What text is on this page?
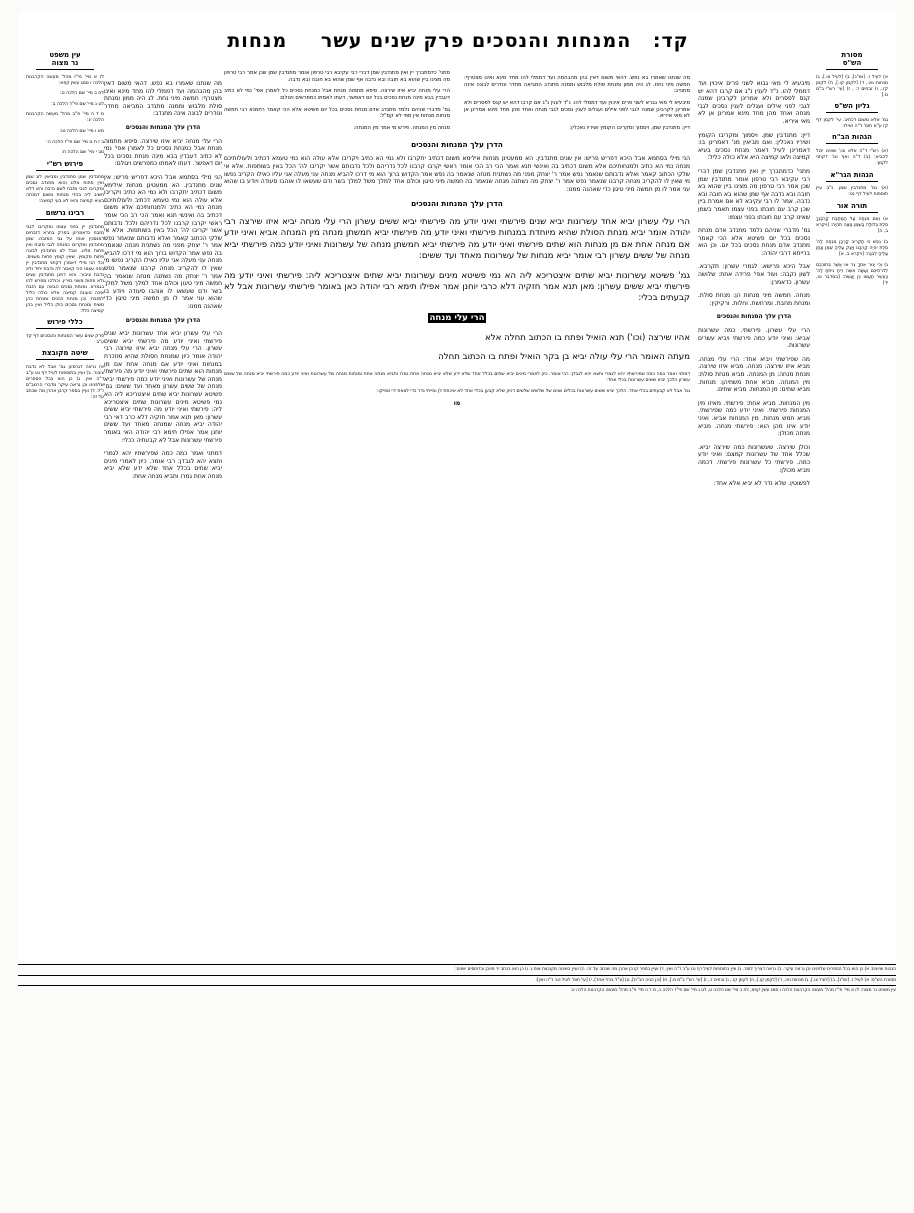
קד: המנחות והנסכים פרק שנים עשר מנחות
מסורת
הש"ס

א) לעיל ז. [וש"נ], ב) [לעיל צו.], ג) מנחות נא:, ד) [לקמן קו.], ה) לקמן קז., ו) זבחים ז: , ז) [עי' רש"י ב"מ מ.]

גליון הש"ס

גמ' אלא משום דכתיב. עי' לקמן דף קז ע"א תוס' ד"ה ואילו:

הגהות הב"ח

(א) רש"י ד"ה אלא וכו' שאינו יכול להביא: (ב) ד"ה ואף וכו' דקתני לקמן:

הגהות הגר"א

(א) גמ' מתנדבין שמן. נ"ב עיין תוספות לעיל דף נט:

תורה אור

א) וְאִם מִנְחָה עַל הַמַּחֲבַת קָרְבָּנֶךָ סֹלֶת בְּלוּלָה בַשֶּׁמֶן מַצָּה תִהְיֶה: [ויקרא ב, ה]

ב) נֶפֶשׁ כִּי תַקְרִיב קָרְבַּן מִנְחָה לַה' סֹלֶת יִהְיֶה קָרְבָּנוֹ וְיָצַק עָלֶיהָ שֶׁמֶן וְנָתַן עָלֶיהָ לְבֹנָה: [ויקרא ב, א]

ג) וְכִי יָגוּר אִתְּךָ גֵּר אוֹ אֲשֶׁר בְּתוֹכְכֶם לְדֹרֹתֵיכֶם וְעָשָׂה אִשֵּׁה רֵיחַ נִיחֹחַ לַה' כַּאֲשֶׁר תַּעֲשׂוּ כֵּן יַעֲשֶׂה: [במדבר טו, יד]

עין משפט
נר מצוה

לז א מיי' פי"ז מהל' מעשה הקרבנות הלכה ו סמג עשין קפא:

לח ב מיי' שם הלכה ט:

לט ג מיי' שם פי"ד הלכה ב:

מ ד ה מיי' פ"ב מהל' מעשה הקרבנות הלכה יג:

מא ו מיי' שם הלכה טו:

ב ז ח ט מיי' שם פי"ז הלכה ה:

מב י מיי' שם הלכה ח:

פירוש רש"י

מתנדבין שמן מתנדבין ומביאין לוג שמן ואין פחות מלוג והוא מתנדב נסכים ומקריבו לגבי מזבח לשם נדבה והא דלא חשיב ליה בהדי מנחות משום דמנחה בעיא קמיצה והאי לא בעי קמיצה:

רבינו גרשום

מתנדבין יין בפני עצמו ומקריבו לגבי מזבח כדאמרינן בפרק בתרא דזבחים דמנסכין אותו על גבי המזבח. שמן מתנדבין ומקריבו כמנחה לגבי מזבח ואין פחות מלוג. אבל לא מתנדבין לבונה פחות מקומץ. שאין קומץ פחות משנים. וכל הני מילי דאמרן דקתני מתנדבין יין בפני עצמו הכי קאמר לה נדבת יחיד ולא נדבת ציבור. והא דתנן מתנדבין עצים ולא פחות משני גזירין. וכולהו מפרש להו בגמרא. ומנחת נסכים הבאה עם הזבח אינה טעונה קמיצה אלא כולה כליל למזבח. וכן מנחת כהנים ומנחת כהן משיח ומנחת נסכים כולן כליל ואין בהן קמיצה כלל:

כללי פירוש

פרק שנים עשר המנחות והנסכים דף קד ע"ב

שיטה מקובצת

א) נראה דגרסינן גמ' אבל לא נדבת ציבור. ב) ועיין בתוספות לעיל דף נט ע"ב ד"ה ואין. ג) כן הוא בכל הספרים שלפנינו וכן נראה עיקר מדברי הרמב"ם ז"ל. ד) ועיין בספר קרבן אהרן מה שכתב על זה:

מיבעיא לי מאי גבוא לשני פרים איכוין ועד דממלי להו. נ"ד לענין נ"ג אם קרבו דהא יש קנס לפסרים ולא אמרינן לקרבינן שמנה לגבי לפני אילים ועגלים לענין נסכים לגבי מנחה ואחד מהן מחד מינא אמרינן אן לא מאי איריא.

דיין: מתנדבין שמן. ויסמוך ומקריבו הקומץ ושיריו נאכלין: ואם מביאין מנ' דאמרינן בו: דאמרינן לעיל דאמר מנחת נסכים בעיא קמיצה ולאו קמיצה היא אלא כולה כליל:

מתני' כדמתברך יין ואין מתנדבין שמן דברי רבי עקיבא רבי טרפון אומר מתנדבין שמן שכן אמר רבי טרפון מה מצינו ביין שהוא בא חובה ובא נדבה אף שמן שהוא בא חובה ובא נדבה. אמר לו רבי עקיבא לא אם אמרת ביין שכן קרב עם חובתו בפני עצמו תאמר בשמן שאינו קרב עם חובתו בפני עצמו:

גמ' מדברי שניהם נלמד מתנדב אדם מנחת נסכים בכל יום פשיטא אלא הכי קאמר מתנדב אדם מנחת נסכים בכל יום. וכן הוא ברייתא דרבי יהודה:

אבל היכא פרישא. לגמרי עשרון: תקרבא. לשון נקבה: ועוד אפי' פרידה אחת: שלושה עשרון. כדאמרן:

מנחה. חמשה מיני מנחות הן: מנחת סולת. ומנחת מחבת. ומרחשת. וחלות. ורקיקין:

הדרן עלך המנחות והנסכים

הרי עלי עשרון. פירשתי. כמה עשרונות אביא: ואיני יודע כמה פירשתי ויביא עשרים עשרונות.

מה שפירשתי ויביא אחד: הרי עלי מנחה. מביא איזו שירצה: מנחה. מביא איזו שירצה. מנחת מנחה: מן המנחה. מביא מנחת סולת: מין המנחה. מביא אחת משתיהן: מנחות. מביא שתים: מן המנחות. מביא שתים.

מין המנחות. מביא אחת: פירשתי. מאיזו מין המנחות פירשתי. ואיני יודע כמה שפירשתי. מביא חמש מנחות. מין המנחות אביא. ואיני יודע איזו מהן הוא: פירשתי מנחה. מביא מנחה מכולן:

וכולן שירצה. שעשרונות כמה שירצה יביא. שכלל אחד של עשרונות קמצם: ואיני יודע כמה. פירשתי כל עשרונות פירשתי. דכמה מביא מכולן:

לפשוטין. שלא נדר לא יביא אלא אחד:

מה שנתנו שאמרו בא נפש. דהאי משום דאין בהן מהבהמה ועד דממלי להו מחד מינא ואינו מצטרף: חמשה מיני נחת. לג היה ממון ומנחת סולת מלבוש וממנה מתנדב המביאה מחדר ונודרים לבונה אינה מתנדב:

הדרן עלך המנחות והנסכים

הרי עלי מנחה יביא איזו שירצה. סיפא מתמוה מנחת אבל כמנחת נסכים כל לאמרן אפי' נמי לא כתיב דעבדין בבא מינה מנחת נסכים בכל יום דאפשר. דעתו לאמתו כמפרשים ויגולם:

הני מילי בסתמא אבל היכא דפריש פריש: אין שנים מתנדבין. הא ממעטינן מנחות אילימא משום דכתיב יתקרבו ולא נמי הא כתיב ויקריבו אלא עולה הוא נמי טעמא דכתיב ולעולותיכם מנחה נמי הא כתיב ולמנחותיכם אלא משום דכתיב בה ואינשי תנא ואמר הכי רב הכי אומר ראשי יקרבו קרבנו לכל נדריהם ולכל נדבותם אשר יקריבו לה' הכל באין בשותפות. אלא אי שלקי הכתוב קאמר ואלא נדבותם שנאמר נפש אמר ר' יצחק מפני מה נשתנית מנחה שנאמר בה נפש אמר הקדוש ברוך הוא מי דרכו להביא מנחה עני מעלה אני עליו כאילו הקריב נפשו מי שאין לו להקריב מנחה קרבנו שנאמר נפש אמר ר' יצחק מה נשתנה מנחה שנאמר בה חמשה מיני טיגון וכולם אחד למלך משל למלך בשר ודם שעשאו לו אוהבו סעודה ויודע בו שהוא עני אמר לו מן חמשה מיני טיגון כדי שאהנה ממנו:

הדרן עלך המנחות והנסכים

הרי עלי עשרון יביא אחד עשרונות יביא שנים פירשתי ואיני יודע מה פירשתי יביא ששים עשרון. הרי עלי מנחה יביא איזו שירצה רבי יהודה אומר כיון שמנחת חסולת שהיא מוזכרת במנחות ואיני יודע אם מנחה אחת אם מן מנחות הוא שתים פירשתי ואיני יודע מה פירשתי מנחה של עשרונות ואיני יודע כמה פירשתי יביא מנחה של ששים עשרון מאחד ועד ששים: גם' פשיטא עשרונות יביא שתים איצטריכא ליה הא נמי פשיטא מינים עשרונות שתים איצטריכא ליה: פירשתי ואיני יודע מה פירשתי יביא ששים עשרון: מאן תנא אמר חזקיה דלא כרב דאי רבי יהודה יביא מנחה שמנחה מאחד ועד ששים יוחנן אמר אפילו תימא רבי יהודה האי באומר פירשתי עשרונות אבל לא קבעתיה ככלי:

דמתני ואמר כמה כמה שפירשתיו יהא לגמרי ותצא יהא לגבדן: רבי אומר. כיון לאמרי מינים יביא שתים בכלל אחד שלא ידע שלא יביא מנחה אחת גמרו ותביא מנחה אחת:

מה שנתנו שאמרו בא נפש. דהאי משום דאין בהן מהבהמה ועד דממלי להו מחד מינא ואינו מצטרף: חמשה מיני נחת. לג היה ממון ומנחת סולת מלבוש וממנה מתנדב המביאה מחדר ונודרים לבונה אינה מתנדב:

מיבעיא לי מאי גברא לשני פרים איכוין ועד דממלי להו. נ"ד לענין נ"ג אם קרבו דהא יש קנס לפסרים ולא אמרינן לקרבינן שמנה לגבי לפני אילים ועגלים לענין נסכים לגבי מנחה ואחד מהן מחד מינא אמרינן אן לא מאי איריא.

דיין: מתנדבין שמן. ויסמוך ומקריבו הקומץ ושיריו נאכלין:

מתני' כדמתברך יין ואין מתנדבין שמן דברי רבי עקיבא רבי טרפון אומר מתנדבין שמן שכן אמר רבי טרפון מה מצינו ביין שהוא בא חובה ובא נדבה אף שמן שהוא בא חובה ובא נדבה.

הרי עלי מנחה יביא איזו שירצה. סיפא מתמוה מנחת אבל כמנחת נסכים כל לאמרן אפי' נמי לא כתיב דעבדין בבא מינה מנחת נסכים בכל יום דאפשר. דעתו לאמתו כמפרשים ויגולם:

גמ' מדברי שניהם נלמד מתנדב אדם מנחת נסכים בכל יום פשיטא אלא הכי קאמר רחמנא רבי חמשה מנחות מנחות אין מפי לא קמ"ל:

מנחה מין המנחה. פירש מי אמר מין המנחה:

הדרן עלך המנחות והנסכים

הני מילי בסתמא אבל היכא דפריש פריש: אין שנים מתנדבין. הא ממעטינן מנחות אילימא משום דכתיב יתקרבו ולא נמי הא כתיב ויקריבו אלא עולה הוא נמי טעמא דכתיב ולעולותיכם מנחה נמי הא כתיב ולמנחותיכם אלא משום דכתיב בה ואינשי תנא ואמר הכי רב הכי אומר ראשי יקרבו קרבנו לכל נדריהם ולכל נדבותם אשר יקריבו לה' הכל באין בשותפות. אלא אי שלקי הכתוב קאמר ואלא נדבותם שנאמר נפש אמר ר' יצחק מפני מה נשתנית מנחה שנאמר בה נפש אמר הקדוש ברוך הוא מי דרכו להביא מנחה עני מעלה אני עליו כאילו הקריב נפשו מי שאין לו להקריב מנחה קרבנו שנאמר נפש אמר ר' יצחק מה נשתנה מנחה שנאמר בה חמשה מיני טיגון וכולם אחד למלך משל למלך בשר ודם שעשאו לו אוהבו סעודה ויודע בו שהוא עני אמר לו מן חמשה מיני טיגון כדי שאהנה ממנו:

הדרן עלך המנחות והנסכים

הרי עלי עשרון יביא אחד עשרונות יביא שנים פירשתי ואיני יודע מה פירשתי יביא ששים עשרון הרי עלי מנחה יביא איזו שירצה רבי יהודה אומר יביא מנחת הסולת שהיא מיוחדת במנחות פירשתי ואיני יודע מה פירשתי יביא חמשתן מנחה מין המנחה אביא ואיני יודע אם מנחה אחת אם מן מנחות הוא שתים פירשתי ואיני יודע מה פירשתי יביא חמשתן מנחה של עשרונות ואיני יודע כמה פירשתי יביא מנחה של ששים עשרון רבי אומר יביא מנחות של עשרונות מאחד ועד ששים:

גמ' פשיטא עשרונות יביא שתים איצטריכא ליה הא נמי פשיטא מינים עשרונות יביא שתים איצטריכא ליה: פירשתי ואיני יודע מה פירשתי יביא ששים עשרון: מאן תנא אמר חזקיה דלא כרבי יוחנן אמר אפילו תימא רבי יהודה כאן באומר פירשתי עשרונות אבל לא קבעתים בכלי:

הרי עלי מנחה

אהיו שירצה (וכו') תנא הואיל ופתח בו הכתוב תחלה אלא

מעתה האומר הרי עלי עולה יביא בן בקר הואיל ופתח בו הכתוב תחלה

דמתני ואמר כמה כמה שפירשתיו יהא לגמרי ותצא יהא לגבדן: רבי אומר. כיון לאמרי מינים יביא שתים בכלל אחד שלא ידע שלא יביא מנחה אחת גמרו ותביא מנחה אחת ומנחות מנחה של עשרונות ואיני יודע כמה פירשתי יביא מנחה של ששים עשרון הלכך יביא ששים עשרונות בכלי אחד:

גמ' אבל לא קבעתים בכלי אחד. הלכך יביא ששים עשרונות בכלים שנים של שלשים שלשים דכיון שלא קבען בכלי אחד לא איכפת לן ומייתי נדר כדי לצאת ידי ספיקו:

מו
הגהות וציונים: א) כן הוא בכל הספרים שלפנינו וכן נראה עיקר. ב) נראה דצריך לומר. ג) עיין בתוספות לעיל דף נט ע"ב ד"ה ואין. ד) ועיין בספר קרבן אהרן מה שכתב על זה. ה) ועיין בשיטה מקובצת אות ג. ו) כן הוא בכתב יד מינכן ובדפוסים ישנים:
מסורת הש"ס: א) לעיל ז. [וש"נ], ב) [לעיל צו.], ג) מנחות נא:, ד) [לקמן קו.], ה) לקמן קז., ו) זבחים ז:, ז) [עי' רש"י ב"מ מ.], ח) [וכן הגיה הב"ח], ט) [צ"ל בכלי אחד], י) [עי' תוס' לעיל נט: ד"ה ואין]:
עין משפט נר מצוה: לז א מיי' פי"ז מהל' מעשה הקרבנות הלכה ו סמג עשין קפא, לח ב מיי' שם הלכה ט, לט ג מיי' שם פי"ד הלכה ב, מ ד ה מיי' פ"ב מהל' מעשה הקרבנות הלכה יג:
